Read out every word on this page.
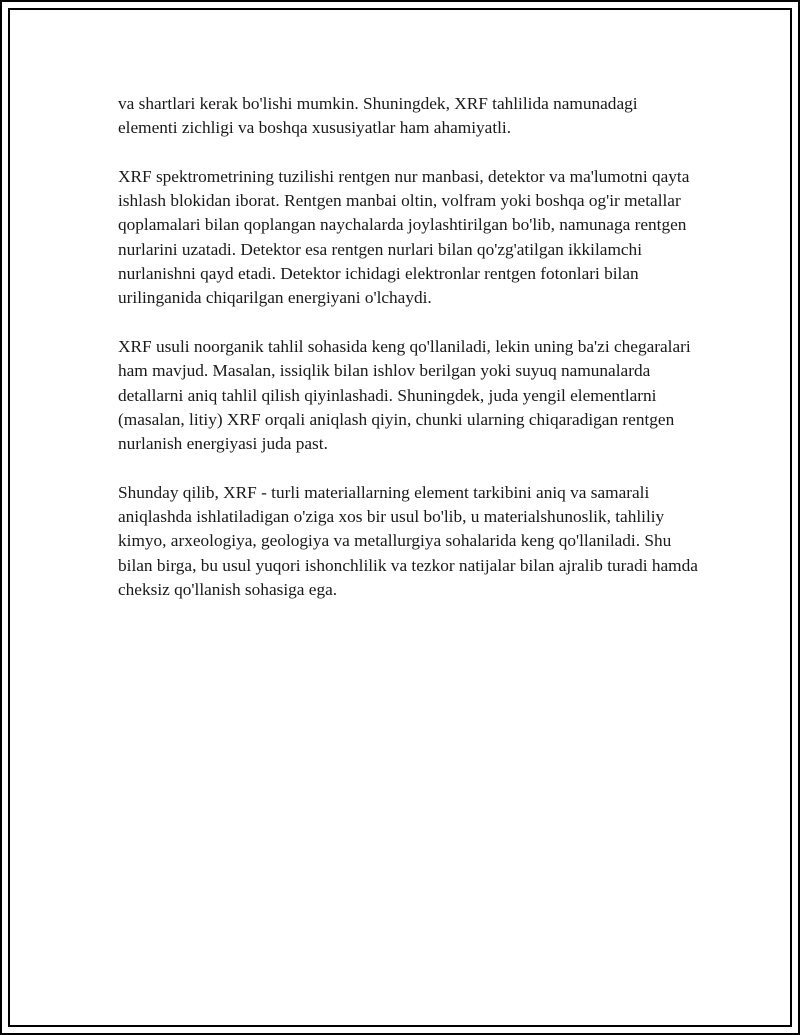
va shartlari kerak bo'lishi mumkin. Shuningdek, XRF tahlilida namunadagi elementi zichligi va boshqa xususiyatlar ham ahamiyatli.

XRF spektrometrining tuzilishi rentgen nur manbasi, detektor va ma'lumotni qayta ishlash blokidan iborat. Rentgen manbai oltin, volfram yoki boshqa og'ir metallar qoplamalari bilan qoplangan naychalarda joylashtirilgan bo'lib, namunaga rentgen nurlarini uzatadi. Detektor esa rentgen nurlari bilan qo'zg'atilgan ikkilamchi nurlanishni qayd etadi. Detektor ichidagi elektronlar rentgen fotonlari bilan urilinganida chiqarilgan energiyani o'lchaydi.

XRF usuli noorganik tahlil sohasida keng qo'llaniladi, lekin uning ba'zi chegaralari ham mavjud. Masalan, issiqlik bilan ishlov berilgan yoki suyuq namunalarda detallarni aniq tahlil qilish qiyinlashadi. Shuningdek, juda yengil elementlarni (masalan, litiy) XRF orqali aniqlash qiyin, chunki ularning chiqaradigan rentgen nurlanish energiyasi juda past.

Shunday qilib, XRF - turli materiallarning element tarkibini aniq va samarali aniqlashda ishlatiladigan o'ziga xos bir usul bo'lib, u materialshunoslik, tahliliy kimyo, arxeologiya, geologiya va metallurgiya sohalarida keng qo'llaniladi. Shu bilan birga, bu usul yuqori ishonchlilik va tezkor natijalar bilan ajralib turadi hamda cheksiz qo'llanish sohasiga ega.
